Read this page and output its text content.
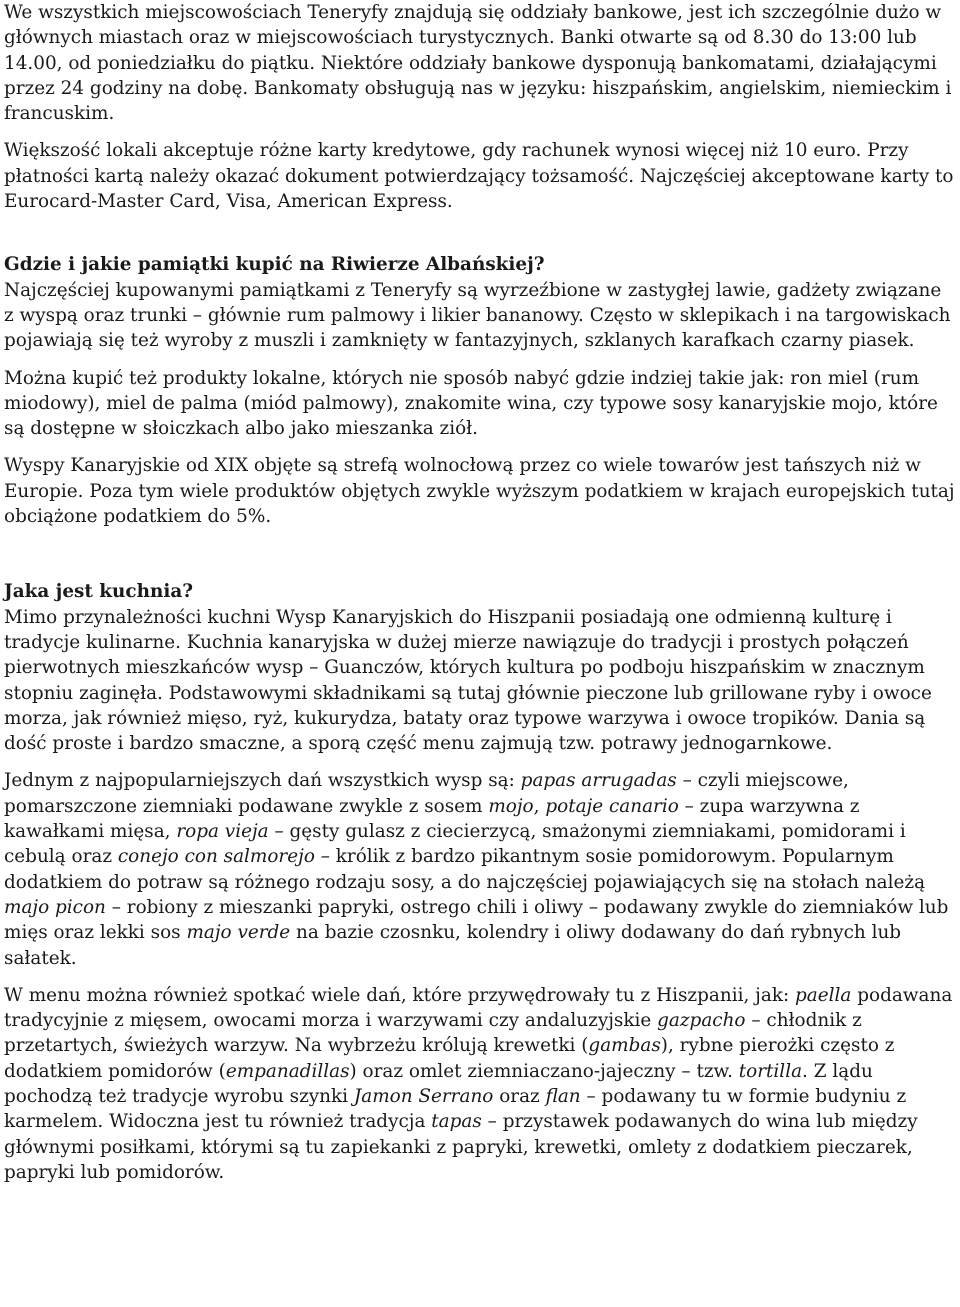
We wszystkich miejscowościach Teneryfy znajdują się oddziały bankowe, jest ich szczególnie dużo w głównych miastach oraz w miejscowościach turystycznych. Banki otwarte są od 8.30 do 13:00 lub 14.00, od poniedziałku do piątku. Niektóre oddziały bankowe dysponują bankomatami, działającymi przez 24 godziny na dobę. Bankomaty obsługują nas w języku: hiszpańskim, angielskim, niemieckim i francuskim.

Większość lokali akceptuje różne karty kredytowe, gdy rachunek wynosi więcej niż 10 euro. Przy płatności kartą należy okazać dokument potwierdzający tożsamość. Najczęściej akceptowane karty to Eurocard-Master Card, Visa, American Express.

Gdzie i jakie pamiątki kupić na Riwierze Albańskiej?

Najczęściej kupowanymi pamiątkami z Teneryfy są wyrzeźbione w zastygłej lawie, gadżety związane z wyspą oraz trunki – głównie rum palmowy i likier bananowy. Często w sklepikach i na targowiskach pojawiają się też wyroby z muszli i zamknięty w fantazyjnych, szklanych karafkach czarny piasek.

Można kupić też produkty lokalne, których nie sposób nabyć gdzie indziej takie jak: ron miel (rum miodowy), miel de palma (miód palmowy), znakomite wina, czy typowe sosy kanaryjskie mojo, które są dostępne w słoiczkach albo jako mieszanka ziół.

Wyspy Kanaryjskie od XIX objęte są strefą wolnocłową przez co wiele towarów jest tańszych niż w Europie. Poza tym wiele produktów objętych zwykle wyższym podatkiem w krajach europejskich tutaj obciążone podatkiem do 5%.

Jaka jest kuchnia?

Mimo przynależności kuchni Wysp Kanaryjskich do Hiszpanii posiadają one odmienną kulturę i tradycje kulinarne. Kuchnia kanaryjska w dużej mierze nawiązuje do tradycji i prostych połączeń pierwotnych mieszkańców wysp – Guanczów, których kultura po podboju hiszpańskim w znacznym stopniu zaginęła. Podstawowymi składnikami są tutaj głównie pieczone lub grillowane ryby i owoce morza, jak również mięso, ryż, kukurydza, bataty oraz typowe warzywa i owoce tropików. Dania są dość proste i bardzo smaczne, a sporą część menu zajmują tzw. potrawy jednogarnkowe.

Jednym z najpopularniejszych dań wszystkich wysp są: papas arrugadas – czyli miejscowe, pomarszczone ziemniaki podawane zwykle z sosem mojo, potaje canario – zupa warzywna z kawałkami mięsa, ropa vieja – gęsty gulasz z ciecierzycą, smażonymi ziemniakami, pomidorami i cebulą oraz conejo con salmorejo – królik z bardzo pikantnym sosie pomidorowym. Popularnym dodatkiem do potraw są różnego rodzaju sosy, a do najczęściej pojawiających się na stołach należą majo picon – robiony z mieszanki papryki, ostrego chili i oliwy – podawany zwykle do ziemniaków lub mięs oraz lekki sos majo verde na bazie czosnku, kolendry i oliwy dodawany do dań rybnych lub sałatek.

W menu można również spotkać wiele dań, które przywędrowały tu z Hiszpanii, jak: paella podawana tradycyjnie z mięsem, owocami morza i warzywami czy andaluzyjskie gazpacho – chłodnik z przetartych, świeżych warzyw. Na wybrzeżu królują krewetki (gambas), rybne pierożki często z dodatkiem pomidorów (empanadillas) oraz omlet ziemniaczano-jajeczny – tzw. tortilla. Z lądu pochodzą też tradycje wyrobu szynki Jamon Serrano oraz flan – podawany tu w formie budyniu z karmelem. Widoczna jest tu również tradycja tapas – przystawek podawanych do wina lub między głównymi posiłkami, którymi są tu zapiekanki z papryki, krewetki, omlety z dodatkiem pieczarek, papryki lub pomidorów.
